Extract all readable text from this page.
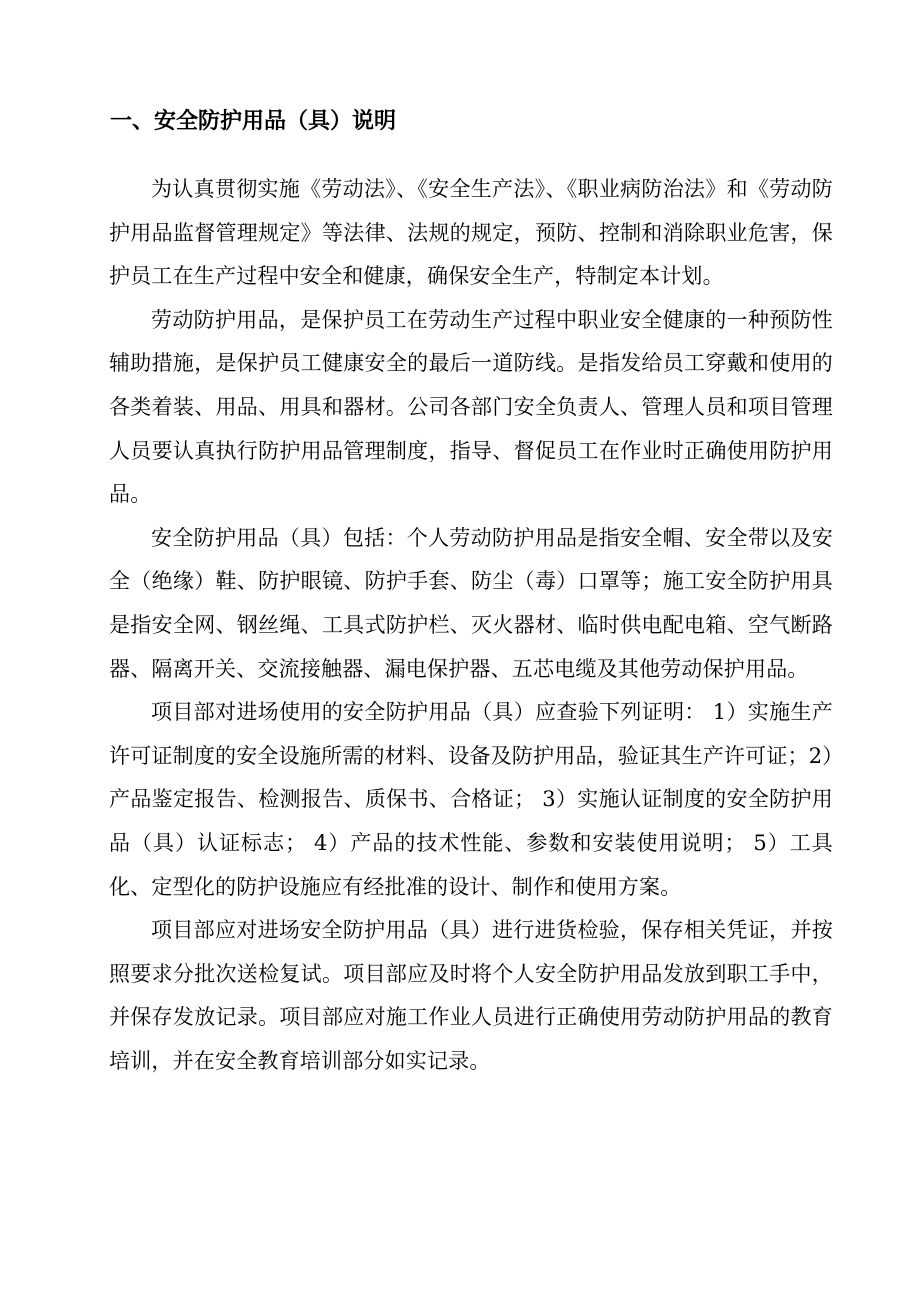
一、安全防护用品（具）说明

为认真贯彻实施《劳动法》、《安全生产法》、《职业病防治法》和《劳动防护用品监督管理规定》等法律、法规的规定，预防、控制和消除职业危害，保护员工在生产过程中安全和健康，确保安全生产，特制定本计划。

劳动防护用品，是保护员工在劳动生产过程中职业安全健康的一种预防性辅助措施，是保护员工健康安全的最后一道防线。是指发给员工穿戴和使用的各类着装、用品、用具和器材。公司各部门安全负责人、管理人员和项目管理人员要认真执行防护用品管理制度，指导、督促员工在作业时正确使用防护用品。

安全防护用品（具）包括：个人劳动防护用品是指安全帽、安全带以及安全（绝缘）鞋、防护眼镜、防护手套、防尘（毒）口罩等；施工安全防护用具是指安全网、钢丝绳、工具式防护栏、灭火器材、临时供电配电箱、空气断路器、隔离开关、交流接触器、漏电保护器、五芯电缆及其他劳动保护用品。

项目部对进场使用的安全防护用品（具）应查验下列证明： 1）实施生产许可证制度的安全设施所需的材料、设备及防护用品，验证其生产许可证；2）产品鉴定报告、检测报告、质保书、合格证； 3）实施认证制度的安全防护用品（具）认证标志； 4）产品的技术性能、参数和安装使用说明； 5）工具化、定型化的防护设施应有经批准的设计、制作和使用方案。

项目部应对进场安全防护用品（具）进行进货检验，保存相关凭证，并按照要求分批次送检复试。项目部应及时将个人安全防护用品发放到职工手中，并保存发放记录。项目部应对施工作业人员进行正确使用劳动防护用品的教育培训，并在安全教育培训部分如实记录。
